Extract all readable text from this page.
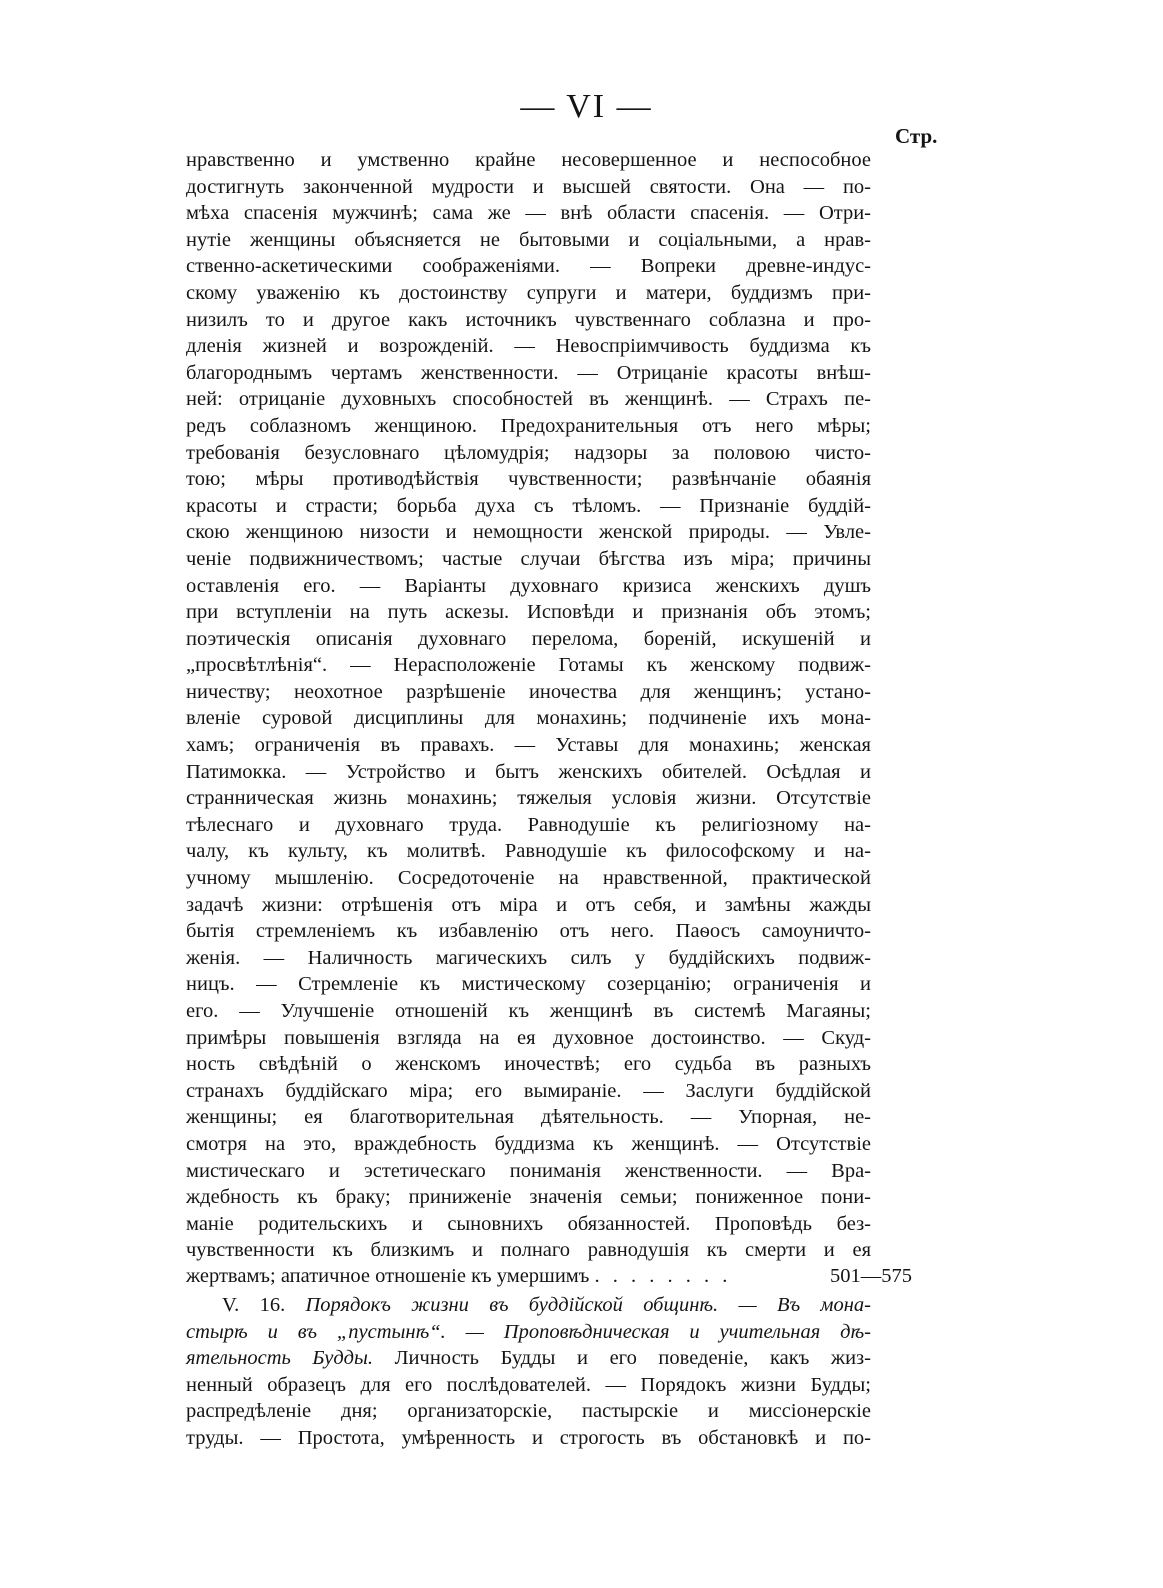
— VI —
Стр.
нравственно и умственно крайне несовершенное и неспособное
достигнуть законченной мудрости и высшей святости. Она — по-
мѣха спасенія мужчинѣ; сама же — внѣ области спасенія. — Отри-
нутіе женщины объясняется не бытовыми и соціальными, а нрав-
ственно-аскетическими соображеніями. — Вопреки древне-индус-
скому уваженію къ достоинству супруги и матери, буддизмъ при-
низилъ то и другое какъ источникъ чувственнаго соблазна и про-
дленія жизней и возрожденій. — Невоспріимчивость буддизма къ
благороднымъ чертамъ женственности. — Отрицаніе красоты внѣш-
ней: отрицаніе духовныхъ способностей въ женщинѣ. — Страхъ пе-
редъ соблазномъ женщиною. Предохранительныя отъ него мѣры;
требованія безусловнаго цѣломудрія; надзоры за половою чисто-
тою; мѣры противодѣйствія чувственности; развѣнчаніе обаянія
красоты и страсти; борьба духа съ тѣломъ. — Признаніе буддій-
скою женщиною низости и немощности женской природы. — Увле-
ченіе подвижничествомъ; частые случаи бѣгства изъ міра; причины
оставленія его. — Варіанты духовнаго кризиса женскихъ душъ
при вступленіи на путь аскезы. Исповѣди и признанія объ этомъ;
поэтическія описанія духовнаго перелома, бореній, искушеній и
„просвѣтлѣнія“. — Нерасположеніе Готамы къ женскому подвиж-
ничеству; неохотное разрѣшеніе иночества для женщинъ; устано-
вленіе суровой дисциплины для монахинь; подчиненіе ихъ мона-
хамъ; ограниченія въ правахъ. — Уставы для монахинь; женская
Патимокка. — Устройство и бытъ женскихъ обителей. Осѣдлая и
странническая жизнь монахинь; тяжелыя условія жизни. Отсутствіе
тѣлеснаго и духовнаго труда. Равнодушіе къ религіозному на-
чалу, къ культу, къ молитвѣ. Равнодушіе къ философскому и на-
учному мышленію. Сосредоточеніе на нравственной, практической
задачѣ жизни: отрѣшенія отъ міра и отъ себя, и замѣны жажды
бытія стремленіемъ къ избавленію отъ него. Паѳосъ самоуничто-
женія. — Наличность магическихъ силъ у буддійскихъ подвиж-
ницъ. — Стремленіе къ мистическому созерцанію; ограниченія и
его. — Улучшеніе отношеній къ женщинѣ въ системѣ Магаяны;
примѣры повышенія взгляда на ея духовное достоинство. — Скуд-
ность свѣдѣній о женскомъ иночествѣ; его судьба въ разныхъ
странахъ буддійскаго міра; его вымираніе. — Заслуги буддійской
женщины; ея благотворительная дѣятельность. — Упорная, не-
смотря на это, враждебность буддизма къ женщинѣ. — Отсутствіе
мистическаго и эстетическаго пониманія женственности. — Вра-
ждебность къ браку; приниженіе значенія семьи; пониженное пони-
маніе родительскихъ и сыновнихъ обязанностей. Проповѣдь без-
чувственности къ близкимъ и полнаго равнодушія къ смерти и ея
жертвамъ; апатичное отношеніе къ умершимъ . . . . . . . .	501—575
V. 16. Порядокъ жизни въ буддійской общинѣ. — Въ мона-
стырѣ и въ „пустынѣ“. — Проповѣдническая и учительная дѣ-
ятельность Будды. Личность Будды и его поведеніе, какъ жиз-
ненный образецъ для его послѣдователей. — Порядокъ жизни Будды;
распредѣленіе дня; организаторскіе, пастырскіе и миссіонерскіе
труды. — Простота, умѣренность и строгость въ обстановкѣ и по-
